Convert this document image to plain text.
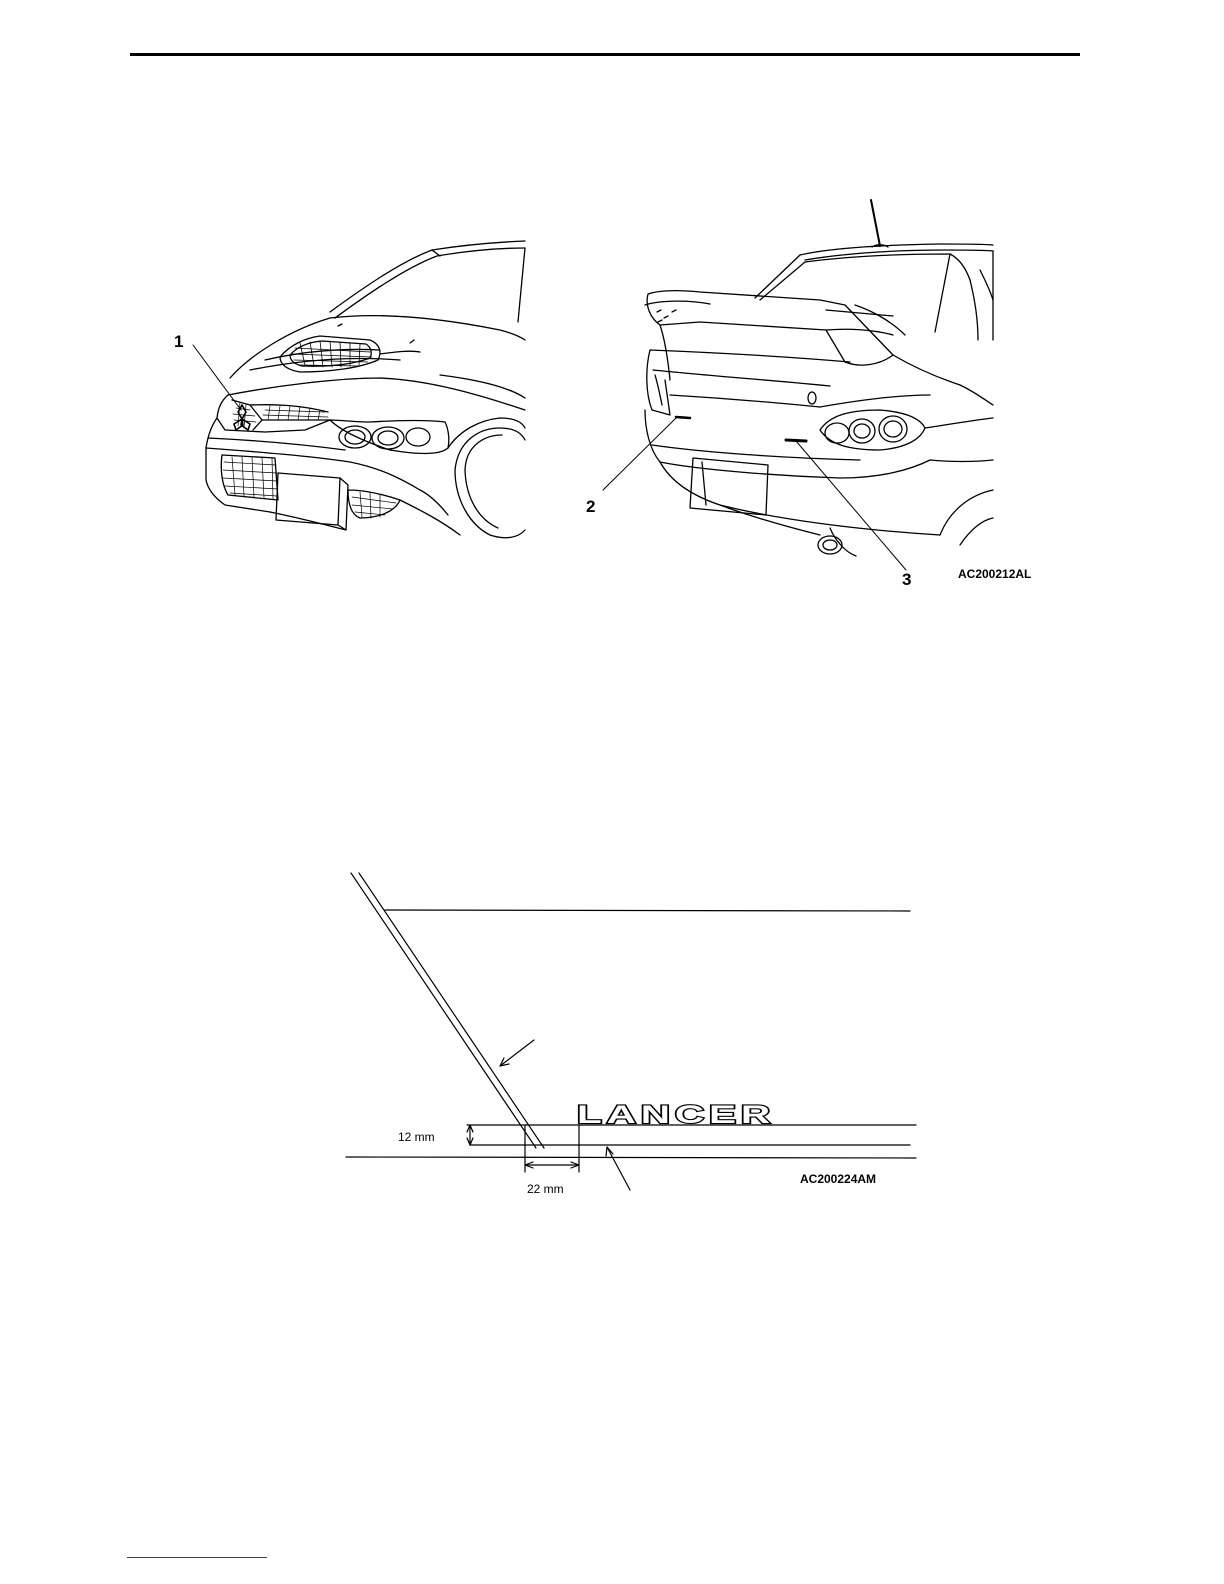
1
2
3	AC200212AL
LANCER
12 mm
22 mm
AC200224AM
